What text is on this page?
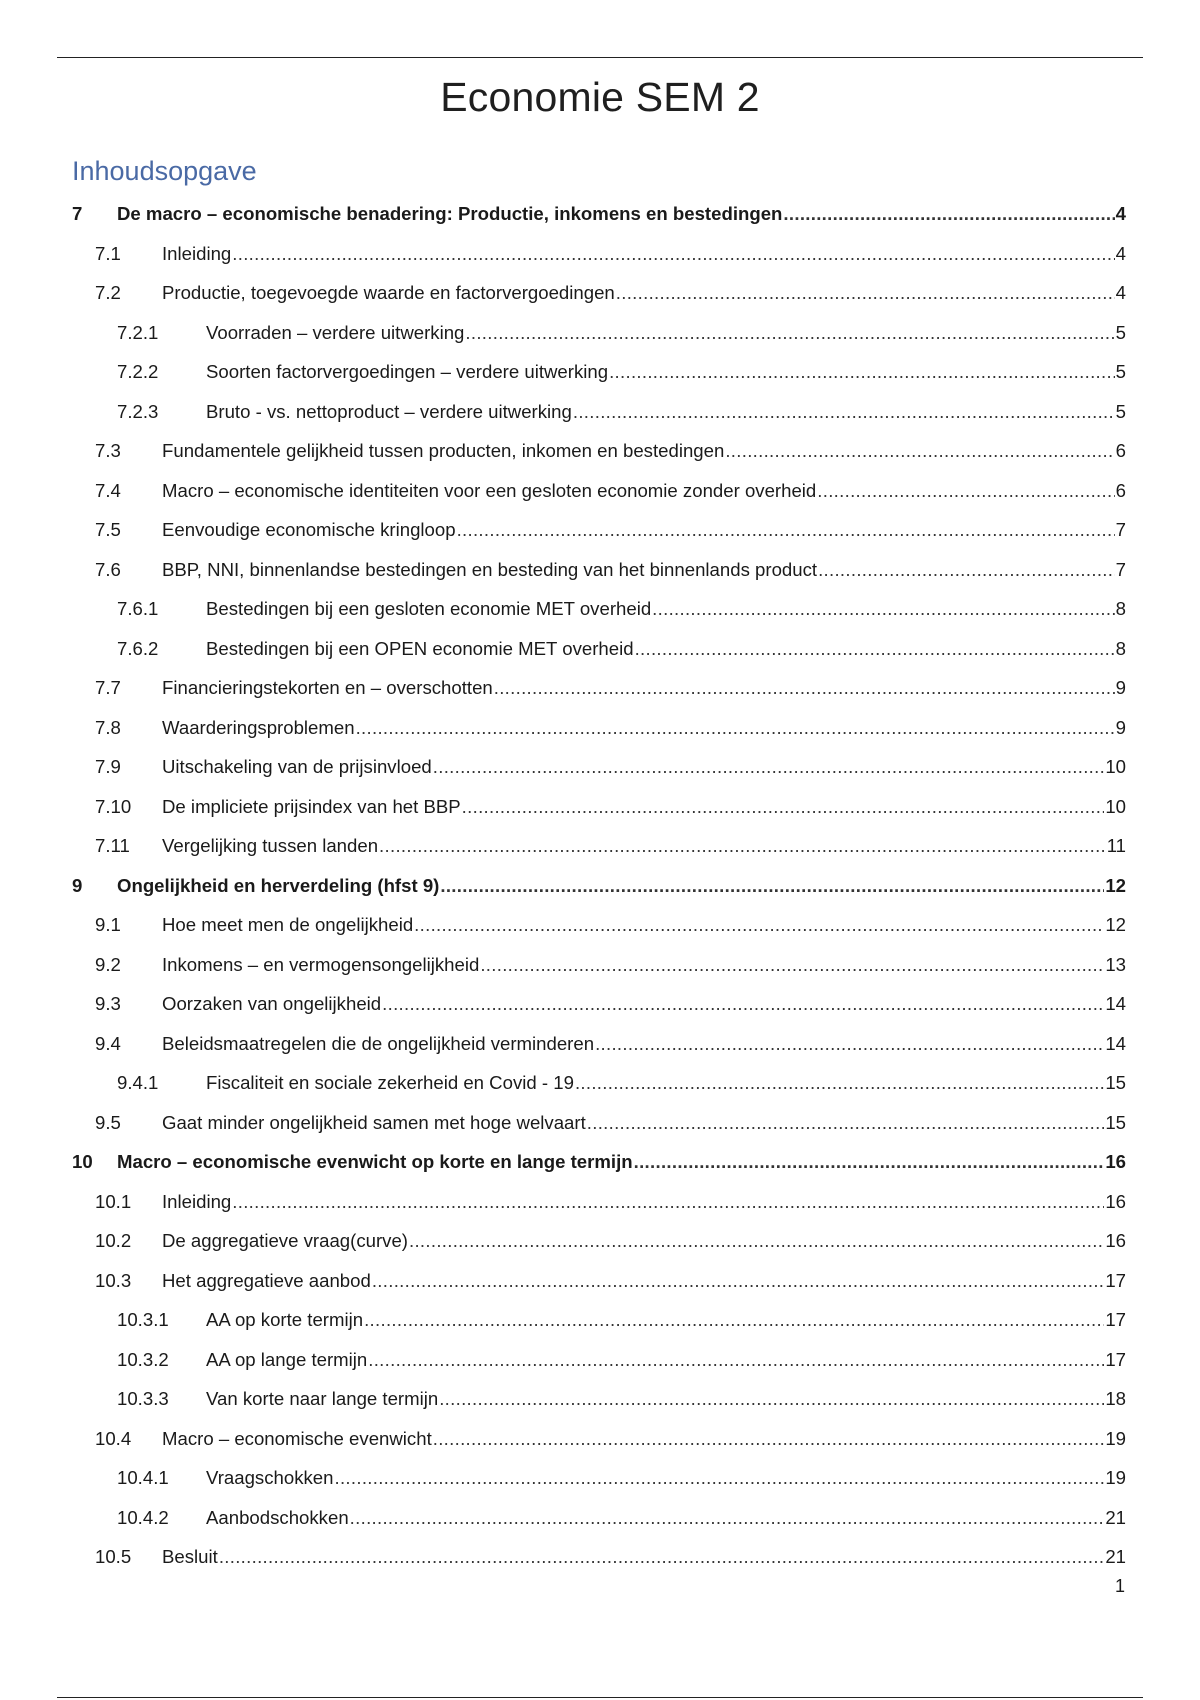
Economie SEM 2
Inhoudsopgave
7	De macro – economische benadering: Productie, inkomens en bestedingen .....	4
7.1	Inleiding .....	4
7.2	Productie, toegevoegde waarde en factorvergoedingen .....	4
7.2.1	Voorraden – verdere uitwerking .....	5
7.2.2	Soorten factorvergoedingen – verdere uitwerking .....	5
7.2.3	Bruto - vs. nettoproduct – verdere uitwerking .....	5
7.3	Fundamentele gelijkheid tussen producten, inkomen en bestedingen .....	6
7.4	Macro – economische identiteiten voor een gesloten economie zonder overheid .....	6
7.5	Eenvoudige economische kringloop .....	7
7.6	BBP, NNI, binnenlandse bestedingen en besteding van het binnenlands product .....	7
7.6.1	Bestedingen bij een gesloten economie MET overheid .....	8
7.6.2	Bestedingen bij een OPEN economie MET overheid .....	8
7.7	Financieringstekorten en – overschotten .....	9
7.8	Waarderingsproblemen .....	9
7.9	Uitschakeling van de prijsinvloed .....	10
7.10	De impliciete prijsindex van het BBP .....	10
7.11	Vergelijking tussen landen .....	11
9	Ongelijkheid en herverdeling (hfst 9) .....	12
9.1	Hoe meet men de ongelijkheid .....	12
9.2	Inkomens – en vermogensongelijkheid .....	13
9.3	Oorzaken van ongelijkheid .....	14
9.4	Beleidsmaatregelen die de ongelijkheid verminderen .....	14
9.4.1	Fiscaliteit en sociale zekerheid en Covid - 19 .....	15
9.5	Gaat minder ongelijkheid samen met hoge welvaart .....	15
10	Macro – economische evenwicht op korte en lange termijn .....	16
10.1	Inleiding .....	16
10.2	De aggregatieve vraag(curve) .....	16
10.3	Het aggregatieve aanbod .....	17
10.3.1	AA op korte termijn .....	17
10.3.2	AA op lange termijn .....	17
10.3.3	Van korte naar lange termijn .....	18
10.4	Macro – economische evenwicht .....	19
10.4.1	Vraagschokken .....	19
10.4.2	Aanbodschokken .....	21
10.5	Besluit .....	21
1
